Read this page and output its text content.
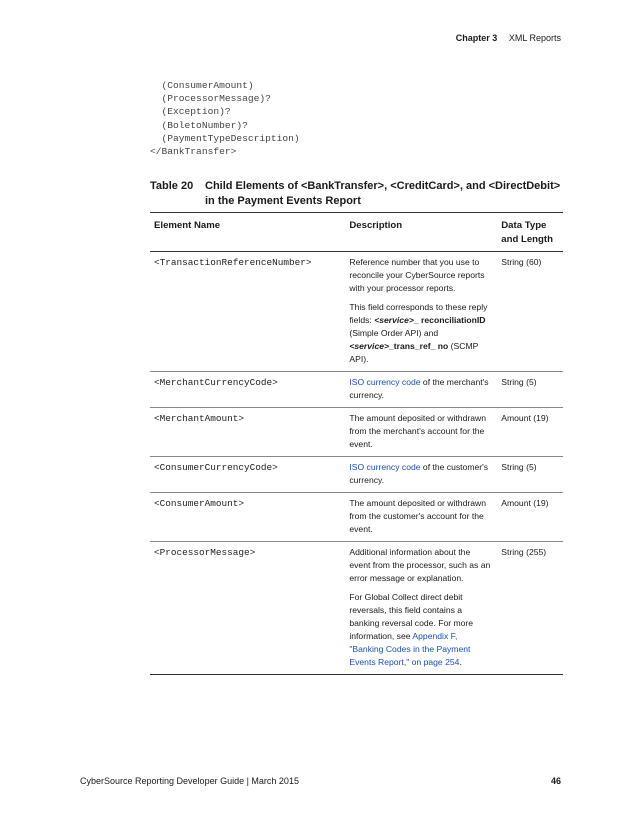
Chapter 3 XML Reports
(ConsumerAmount)
(ProcessorMessage)?
(Exception)?
(BoletoNumber)?
(PaymentTypeDescription)
</BankTransfer>
Table 20 Child Elements of <BankTransfer>, <CreditCard>, and <DirectDebit> in the Payment Events Report
Element Name	Description	Data Type and Length
<TransactionReferenceNumber>	Reference number that you use to reconcile your CyberSource reports with your processor reports.

This field corresponds to these reply fields: <service>_ reconciliationID (Simple Order API) and <service>_trans_ref_ no (SCMP API).	String (60)
<MerchantCurrencyCode>	ISO currency code of the merchant's currency.	String (5)
<MerchantAmount>	The amount deposited or withdrawn from the merchant's account for the event.	Amount (19)
<ConsumerCurrencyCode>	ISO currency code of the customer's currency.	String (5)
<ConsumerAmount>	The amount deposited or withdrawn from the customer's account for the event.	Amount (19)
<ProcessorMessage>	Additional information about the event from the processor, such as an error message or explanation.

For Global Collect direct debit reversals, this field contains a banking reversal code. For more information, see Appendix F, "Banking Codes in the Payment Events Report," on page 254.	String (255)
CyberSource Reporting Developer Guide | March 2015	46
